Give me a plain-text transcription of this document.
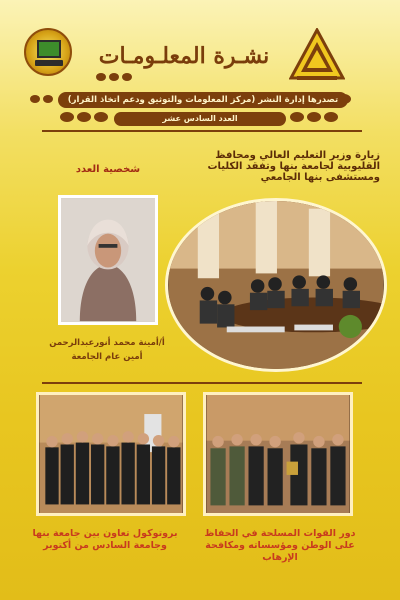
نشـرة المعلـومـات
تصدرها إدارة النشر (مركز المعلومات والتوثيق ودعم اتخاذ القرار)
العدد السادس عشر
شخصية العدد
أ/أمينة محمد أنورعبدالرحمن
أمين عام الجامعة
زيارة وزير التعليم العالي ومحافظ القليوبية لجامعة بنها وتفقد الكليات ومستشفى بنها الجامعي
بروتوكول تعاون بين جامعة بنها وجامعة السادس من أكتوبر
دور القوات المسلحة في الحفاظ على الوطن ومؤسساته ومكافحة الإرهاب
